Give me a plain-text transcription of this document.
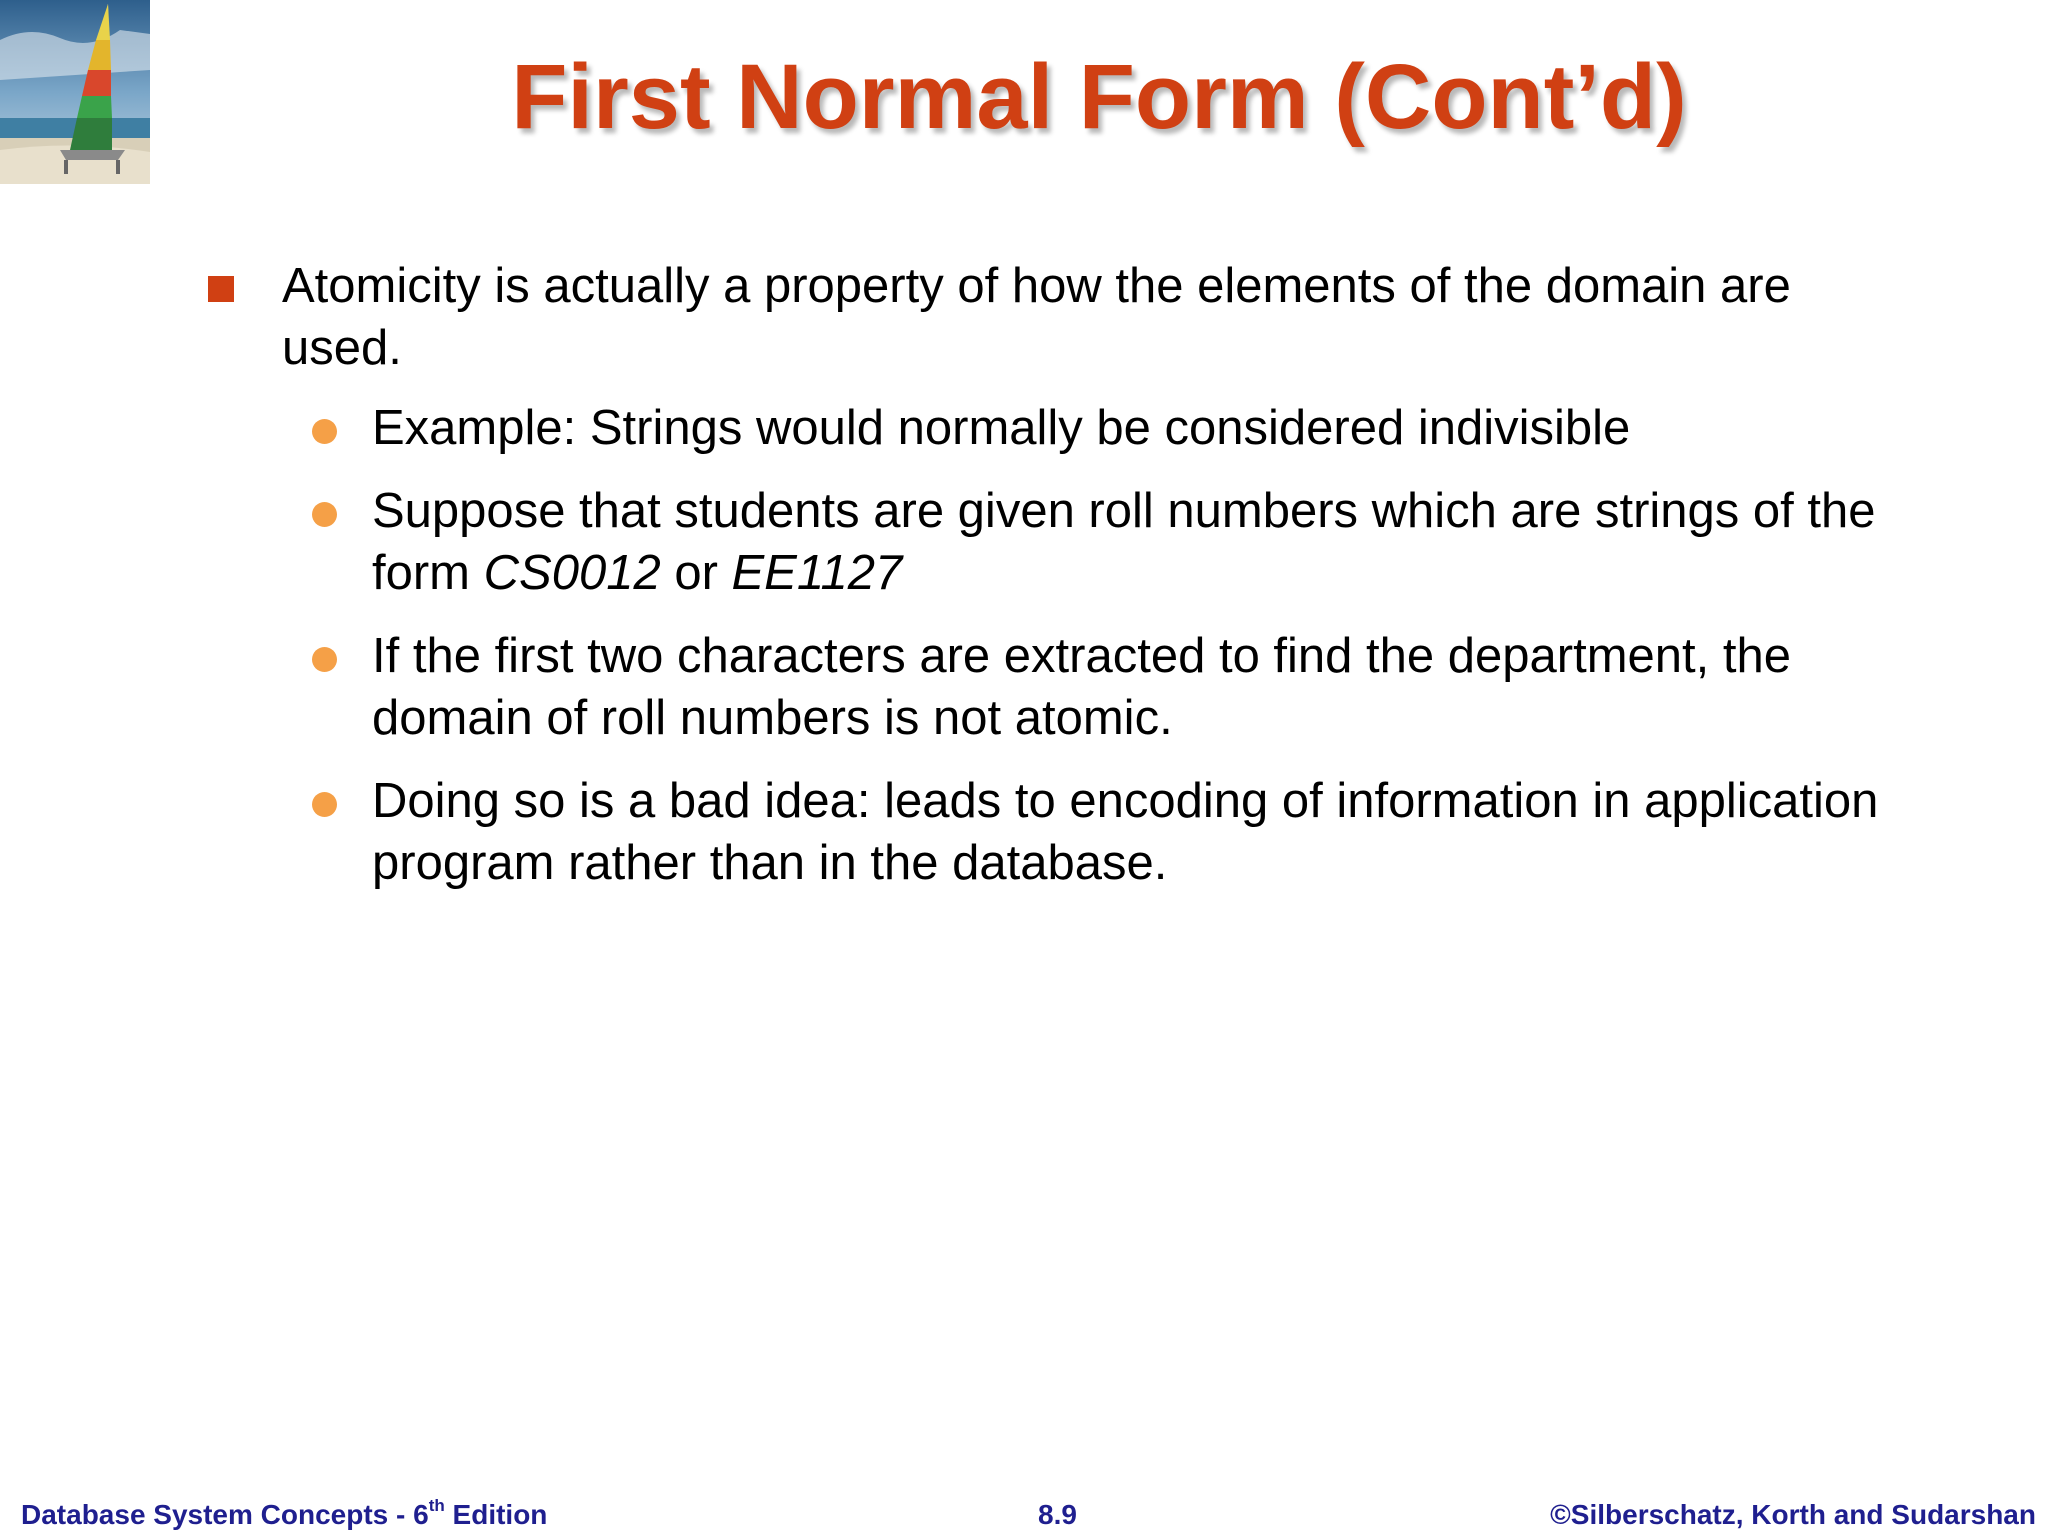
First Normal Form (Cont’d)
Atomicity is actually a property of how the elements of the domain are used.
Example: Strings would normally be considered indivisible
Suppose that students are given roll numbers which are strings of the form CS0012 or EE1127
If the first two characters are extracted to find the department, the domain of roll numbers is not atomic.
Doing so is a bad idea: leads to encoding of information in application program rather than in the database.
Database System Concepts - 6th Edition	8.9	©Silberschatz, Korth and Sudarshan
